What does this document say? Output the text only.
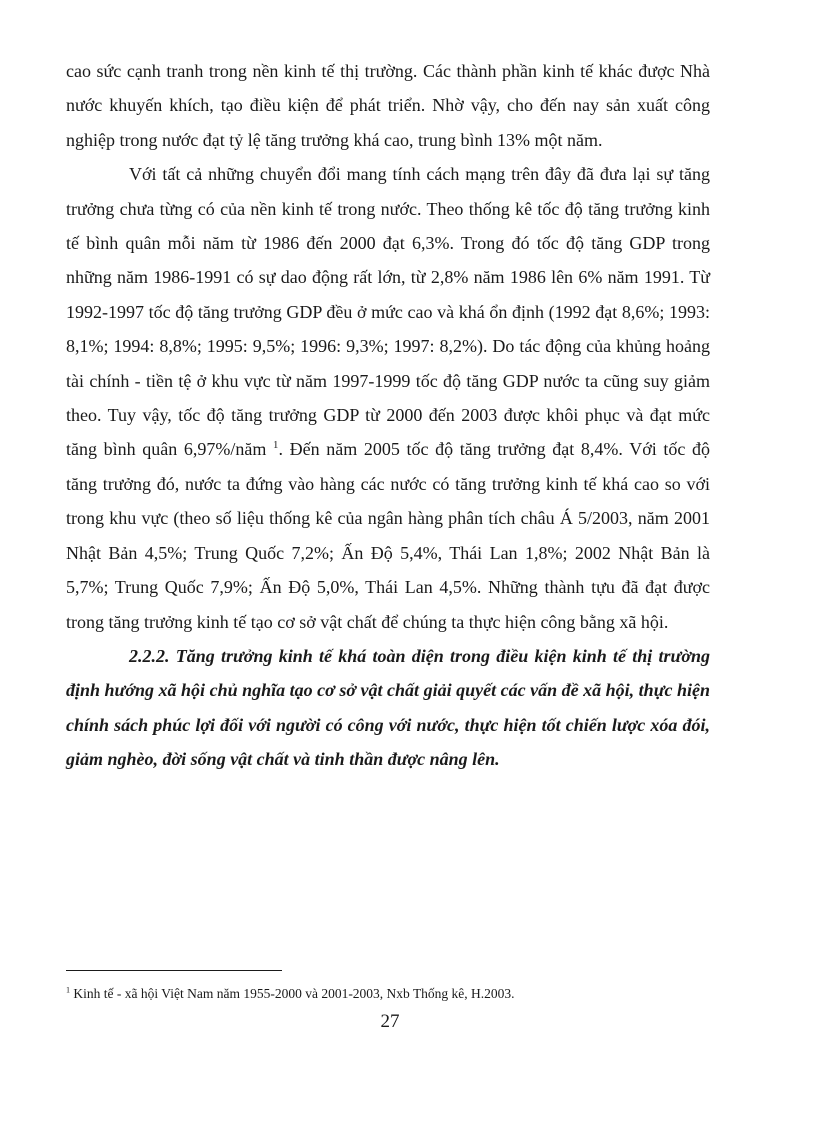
cao sức cạnh tranh trong nền kinh tế thị trường. Các thành phần kinh tế khác được Nhà nước khuyến khích, tạo điều kiện để phát triển. Nhờ vậy, cho đến nay sản xuất công nghiệp trong nước đạt tỷ lệ tăng trưởng khá cao, trung bình 13% một năm.

Với tất cả những chuyển đổi mang tính cách mạng trên đây đã đưa lại sự tăng trưởng chưa từng có của nền kinh tế trong nước. Theo thống kê tốc độ tăng trưởng kinh tế bình quân mỗi năm từ 1986 đến 2000 đạt 6,3%. Trong đó tốc độ tăng GDP trong những năm 1986-1991 có sự dao động rất lớn, từ 2,8% năm 1986 lên 6% năm 1991. Từ 1992-1997 tốc độ tăng trưởng GDP đều ở mức cao và khá ổn định (1992 đạt 8,6%; 1993: 8,1%; 1994: 8,8%; 1995: 9,5%; 1996: 9,3%; 1997: 8,2%). Do tác động của khủng hoảng tài chính - tiền tệ ở khu vực từ năm 1997-1999 tốc độ tăng GDP nước ta cũng suy giảm theo. Tuy vậy, tốc độ tăng trưởng GDP từ 2000 đến 2003 được khôi phục và đạt mức tăng bình quân 6,97%/năm $^1$. Đến năm 2005 tốc độ tăng trưởng đạt 8,4%. Với tốc độ tăng trưởng đó, nước ta đứng vào hàng các nước có tăng trưởng kinh tế khá cao so với trong khu vực (theo số liệu thống kê của ngân hàng phân tích châu Á 5/2003, năm 2001 Nhật Bản 4,5%; Trung Quốc 7,2%; Ấn Độ 5,4%, Thái Lan 1,8%; 2002 Nhật Bản là 5,7%; Trung Quốc 7,9%; Ấn Độ 5,0%, Thái Lan 4,5%. Những thành tựu đã đạt được trong tăng trưởng kinh tế tạo cơ sở vật chất để chúng ta thực hiện công bằng xã hội.

2.2.2. Tăng trưởng kinh tế khá toàn diện trong điều kiện kinh tế thị trường định hướng xã hội chủ nghĩa tạo cơ sở vật chất giải quyết các vấn đề xã hội, thực hiện chính sách phúc lợi đối với người có công với nước, thực hiện tốt chiến lược xóa đói, giảm nghèo, đời sống vật chất và tinh thần được nâng lên.

$^1$ Kinh tế - xã hội Việt Nam năm 1955-2000 và 2001-2003, Nxb Thống kê, H.2003.
27
